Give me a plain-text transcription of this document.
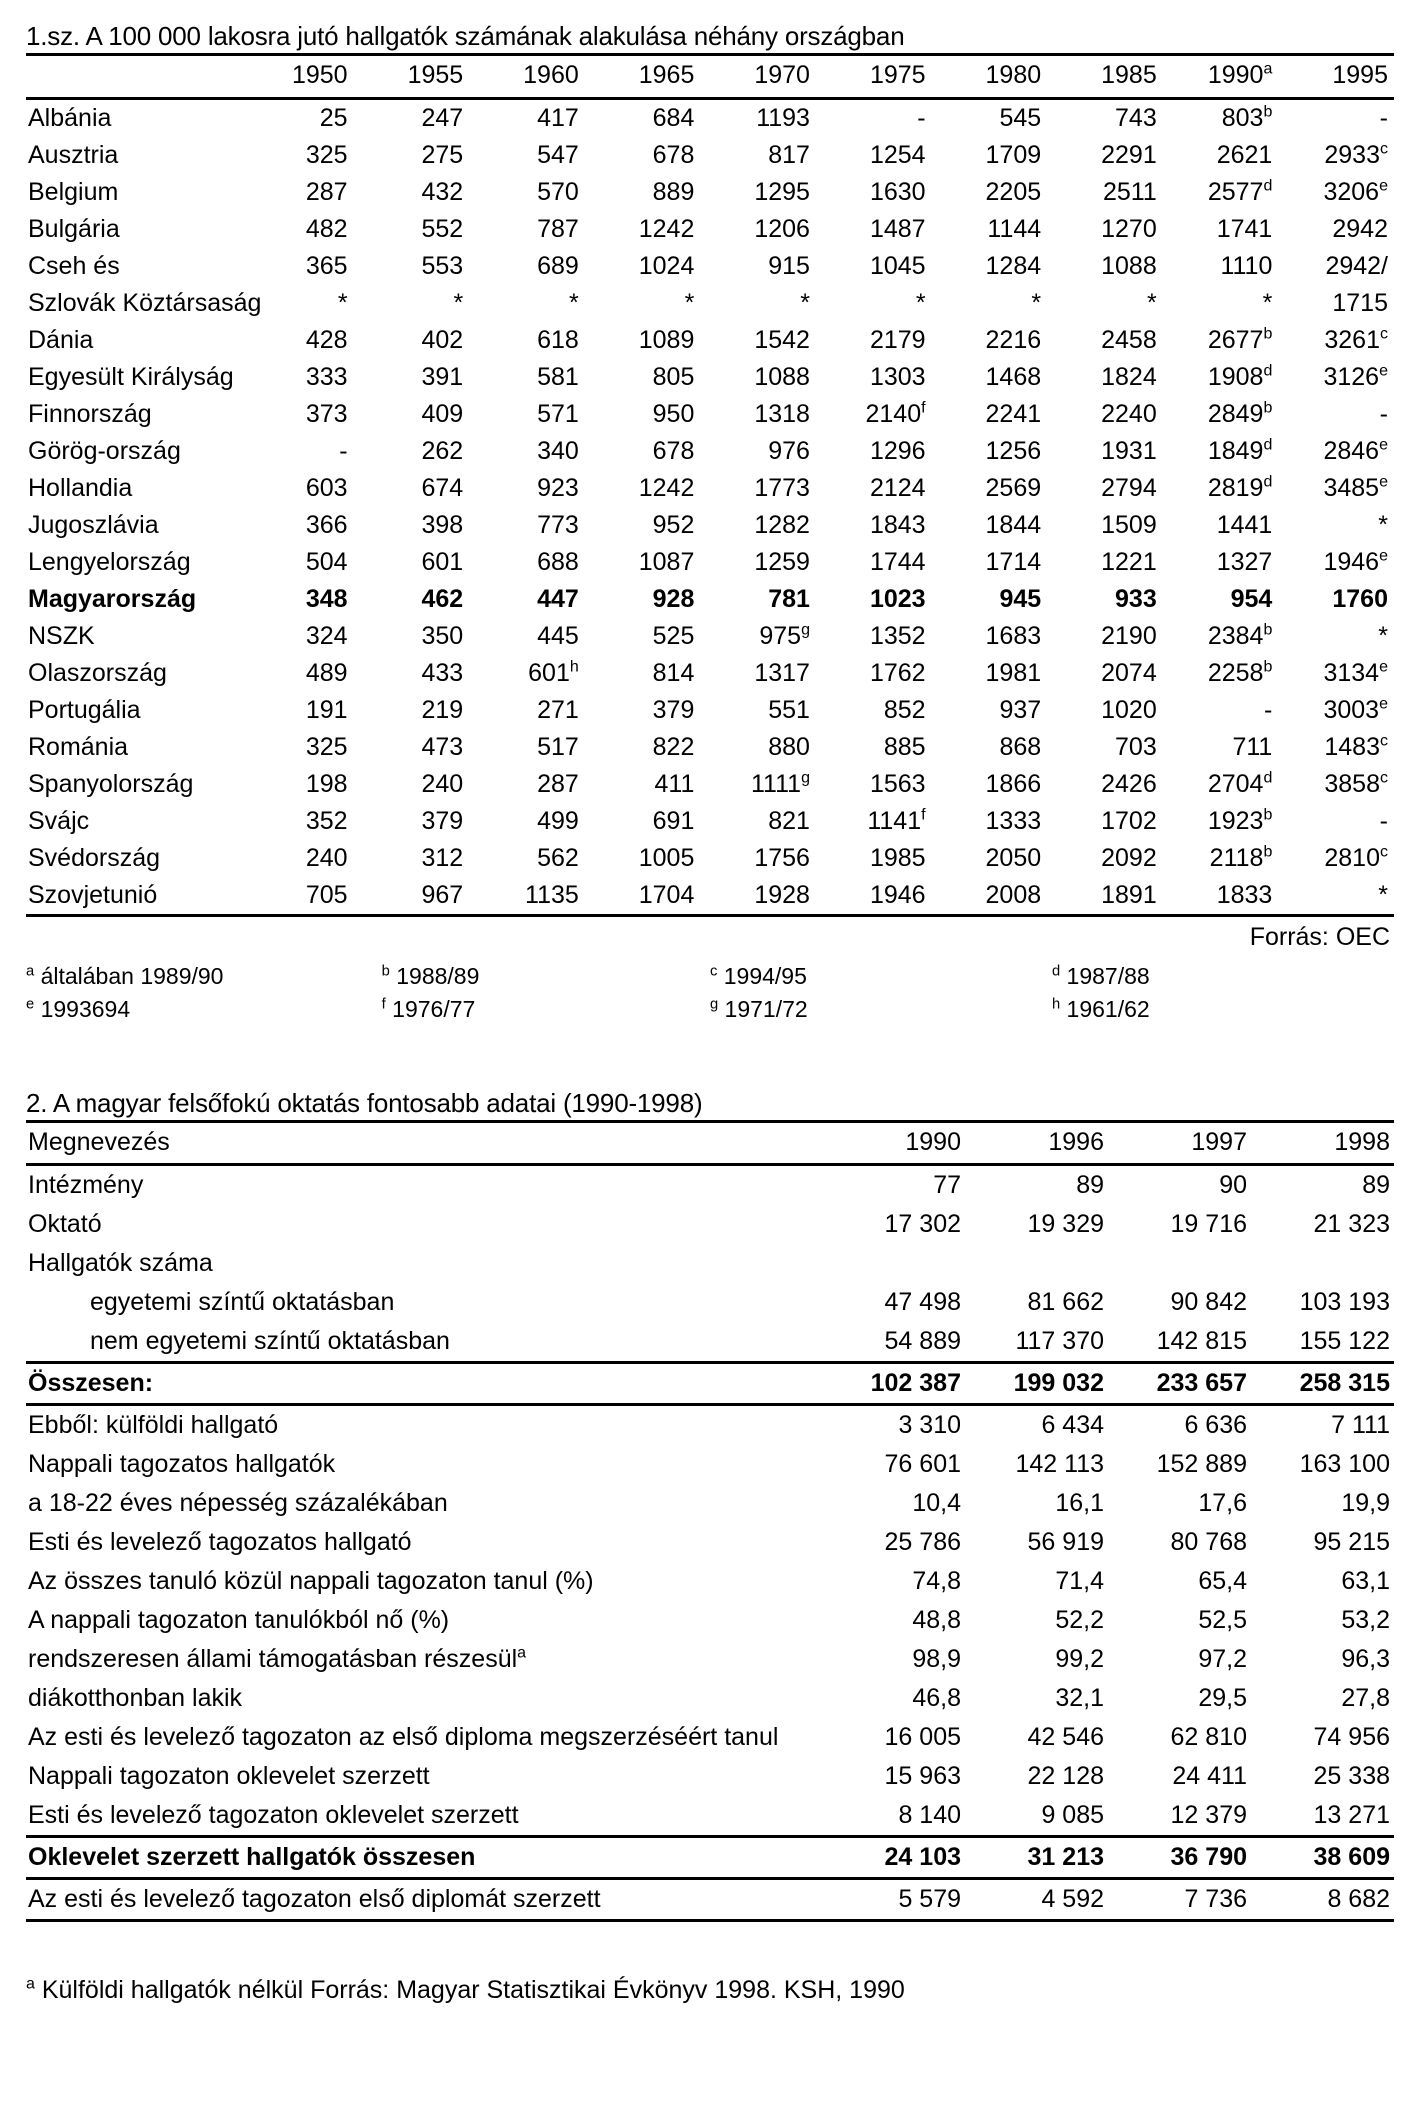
1.sz. A 100 000 lakosra jutó hallgatók számának alakulása néhány országban
	1950	1955	1960	1965	1970	1975	1980	1985	1990$^a$	1995
Albánia	25	247	417	684	1193	-	545	743	803$^b$	-
Ausztria	325	275	547	678	817	1254	1709	2291	2621	2933$^c$
Belgium	287	432	570	889	1295	1630	2205	2511	2577$^d$	3206e
Bulgária	482	552	787	1242	1206	1487	1144	1270	1741	2942
Cseh és	365	553	689	1024	915	1045	1284	1088	1110	2942/
Szlovák Köztársaság	*	*	*	*	*	*	*	*	*	1715
Dánia	428	402	618	1089	1542	2179	2216	2458	2677$^b$	3261$^c$
Egyesült Királyság	333	391	581	805	1088	1303	1468	1824	1908$^d$	3126e
Finnország	373	409	571	950	1318	2140$^f$	2241	2240	2849$^b$	-
Görög-ország	-	262	340	678	976	1296	1256	1931	1849$^d$	2846e
Hollandia	603	674	923	1242	1773	2124	2569	2794	2819$^d$	3485e
Jugoszlávia	366	398	773	952	1282	1843	1844	1509	1441	*
Lengyelország	504	601	688	1087	1259	1744	1714	1221	1327	1946e
Magyarország	348	462	447	928	781	1023	945	933	954	1760
NSZK	324	350	445	525	975$^g$	1352	1683	2190	2384$^b$	*
Olaszország	489	433	601$^h$	814	1317	1762	1981	2074	2258$^b$	3134e
Portugália	191	219	271	379	551	852	937	1020	-	3003e
Románia	325	473	517	822	880	885	868	703	711	1483$^c$
Spanyolország	198	240	287	411	1111$^g$	1563	1866	2426	2704$^d$	3858$^c$
Svájc	352	379	499	691	821	1141$^f$	1333	1702	1923$^b$	-
Svédország	240	312	562	1005	1756	1985	2050	2092	2118$^b$	2810$^c$
Szovjetunió	705	967	1135	1704	1928	1946	2008	1891	1833	*
Forrás: OEC
$^a$ általában 1989/90	$^b$ 1988/89	$^c$ 1994/95	$^d$ 1987/88
$^e$ 1993694	$^f$ 1976/77	$^g$ 1971/72	$^h$ 1961/62
2. A magyar felsőfokú oktatás fontosabb adatai (1990-1998)
Megnevezés	1990	1996	1997	1998
Intézmény	77	89	90	89
Oktató	17 302	19 329	19 716	21 323
Hallgatók száma				
egyetemi színtű oktatásban	47 498	81 662	90 842	103 193
nem egyetemi színtű oktatásban	54 889	117 370	142 815	155 122
Összesen:	102 387	199 032	233 657	258 315
Ebből: külföldi hallgató	3 310	6 434	6 636	7 111
Nappali tagozatos hallgatók	76 601	142 113	152 889	163 100
a 18-22 éves népesség százalékában	10,4	16,1	17,6	19,9
Esti és levelező tagozatos hallgató	25 786	56 919	80 768	95 215
Az összes tanuló közül nappali tagozaton tanul (%)	74,8	71,4	65,4	63,1
A nappali tagozaton tanulókból nő (%)	48,8	52,2	52,5	53,2
rendszeresen állami támogatásban részesül$^a$	98,9	99,2	97,2	96,3
diákotthonban lakik	46,8	32,1	29,5	27,8
Az esti és levelező tagozaton az első diploma megszerzéséért tanul	16 005	42 546	62 810	74 956
Nappali tagozaton oklevelet szerzett	15 963	22 128	24 411	25 338
Esti és levelező tagozaton oklevelet szerzett	8 140	9 085	12 379	13 271
Oklevelet szerzett hallgatók összesen	24 103	31 213	36 790	38 609
Az esti és levelező tagozaton első diplomát szerzett	5 579	4 592	7 736	8 682
$^a$ Külföldi hallgatók nélkül Forrás: Magyar Statisztikai Évkönyv 1998. KSH, 1990
